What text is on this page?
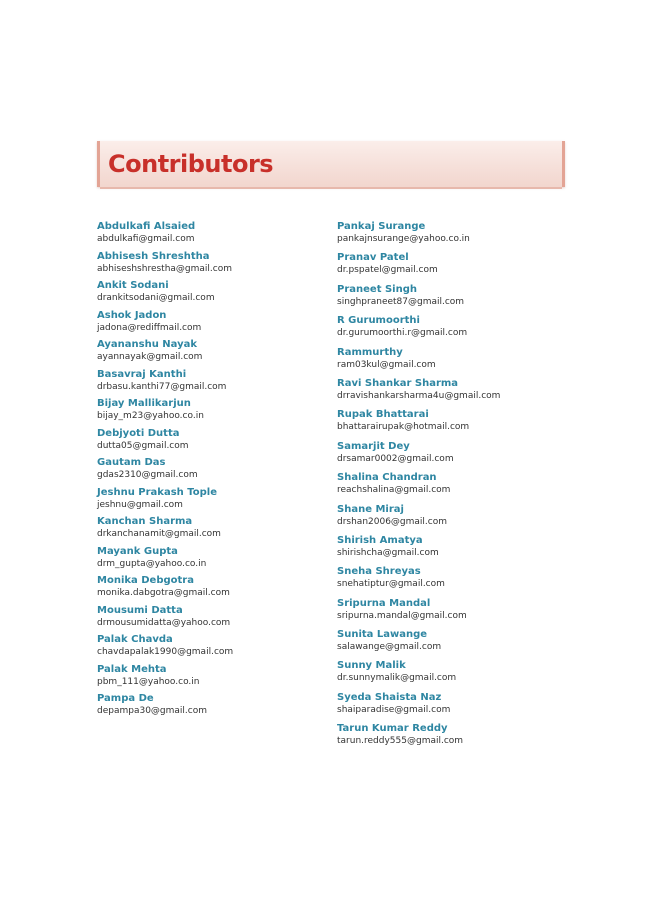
Contributors
Abdulkafi Alsaied
abdulkafi@gmail.com
Abhisesh Shreshtha
abhiseshshrestha@gmail.com
Ankit Sodani
drankitsodani@gmail.com
Ashok Jadon
jadona@rediffmail.com
Ayananshu Nayak
ayannayak@gmail.com
Basavraj Kanthi
drbasu.kanthi77@gmail.com
Bijay Mallikarjun
bijay_m23@yahoo.co.in
Debjyoti Dutta
dutta05@gmail.com
Gautam Das
gdas2310@gmail.com
Jeshnu Prakash Tople
jeshnu@gmail.com
Kanchan Sharma
drkanchanamit@gmail.com
Mayank Gupta
drm_gupta@yahoo.co.in
Monika Debgotra
monika.dabgotra@gmail.com
Mousumi Datta
drmousumidatta@yahoo.com
Palak Chavda
chavdapalak1990@gmail.com
Palak Mehta
pbm_111@yahoo.co.in
Pampa De
depampa30@gmail.com
Pankaj Surange
pankajnsurange@yahoo.co.in
Pranav Patel
dr.pspatel@gmail.com
Praneet Singh
singhpraneet87@gmail.com
R Gurumoorthi
dr.gurumoorthi.r@gmail.com
Rammurthy
ram03kul@gmail.com
Ravi Shankar Sharma
drravishankarsharma4u@gmail.com
Rupak Bhattarai
bhattarairupak@hotmail.com
Samarjit Dey
drsamar0002@gmail.com
Shalina Chandran
reachshalina@gmail.com
Shane Miraj
drshan2006@gmail.com
Shirish Amatya
shirishcha@gmail.com
Sneha Shreyas
snehatiptur@gmail.com
Sripurna Mandal
sripurna.mandal@gmail.com
Sunita Lawange
salawange@gmail.com
Sunny Malik
dr.sunnymalik@gmail.com
Syeda Shaista Naz
shaiparadise@gmail.com
Tarun Kumar Reddy
tarun.reddy555@gmail.com
